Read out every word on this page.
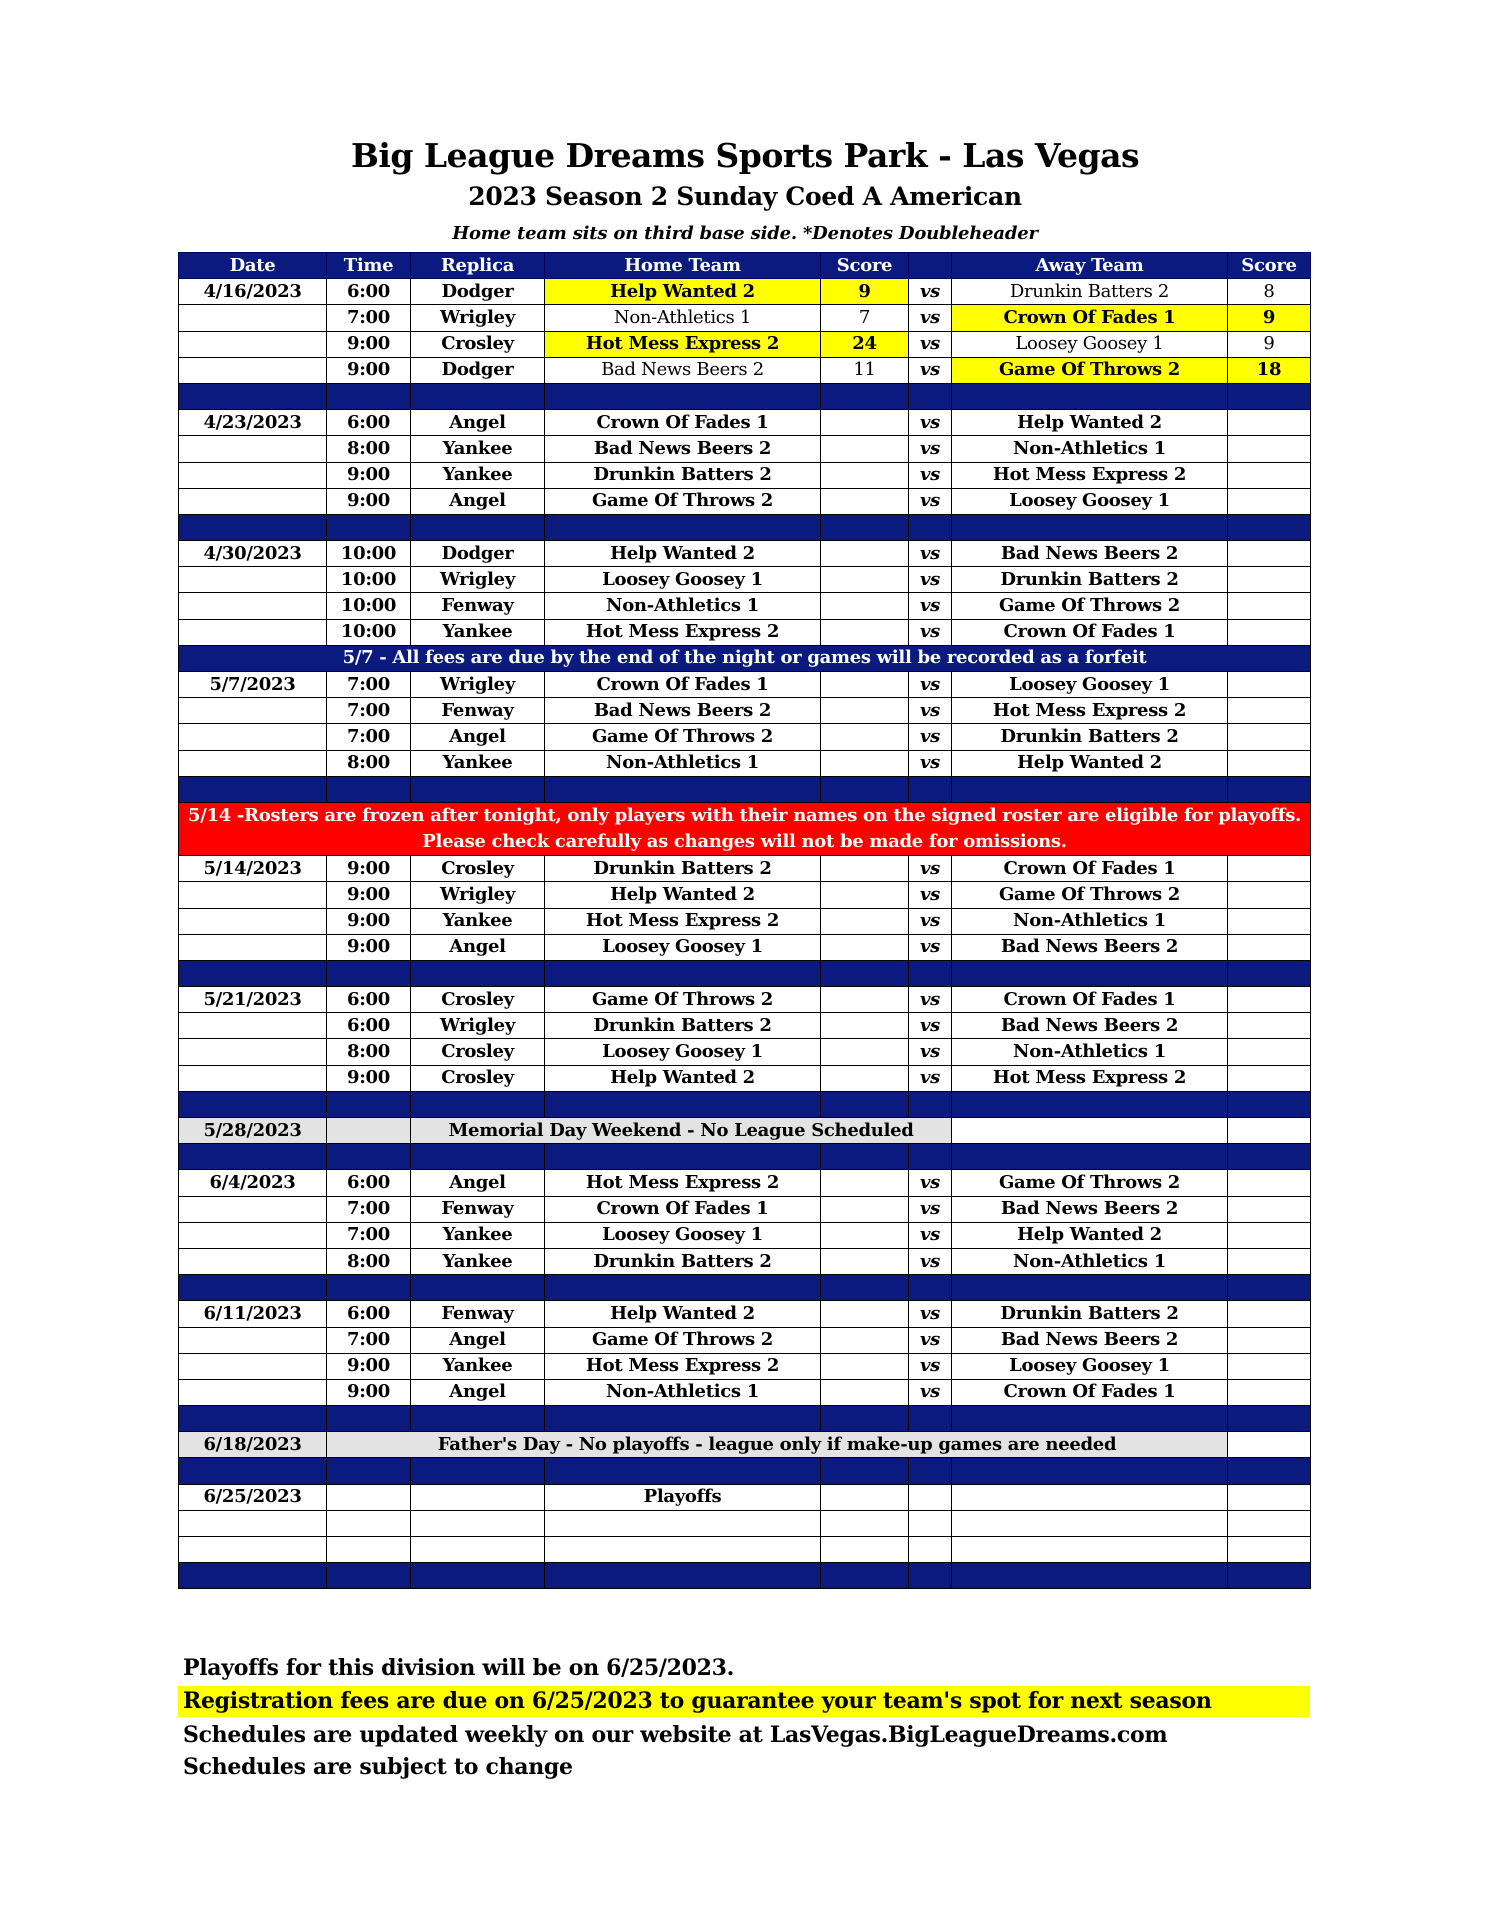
Big League Dreams Sports Park - Las Vegas
2023 Season 2 Sunday Coed A American
Home team sits on third base side. *Denotes Doubleheader
Date	Time	Replica	Home Team	Score		Away Team	Score
4/16/2023	6:00	Dodger	Help Wanted 2	9	vs	Drunkin Batters 2	8
	7:00	Wrigley	Non-Athletics 1	7	vs	Crown Of Fades 1	9
	9:00	Crosley	Hot Mess Express 2	24	vs	Loosey Goosey 1	9
	9:00	Dodger	Bad News Beers 2	11	vs	Game Of Throws 2	18

4/23/2023	6:00	Angel	Crown Of Fades 1		vs	Help Wanted 2	
	8:00	Yankee	Bad News Beers 2		vs	Non-Athletics 1	
	9:00	Yankee	Drunkin Batters 2		vs	Hot Mess Express 2	
	9:00	Angel	Game Of Throws 2		vs	Loosey Goosey 1	

4/30/2023	10:00	Dodger	Help Wanted 2		vs	Bad News Beers 2	
	10:00	Wrigley	Loosey Goosey 1		vs	Drunkin Batters 2	
	10:00	Fenway	Non-Athletics 1		vs	Game Of Throws 2	
	10:00	Yankee	Hot Mess Express 2		vs	Crown Of Fades 1	
5/7 - All fees are due by the end of the night or games will be recorded as a forfeit							
5/7/2023	7:00	Wrigley	Crown Of Fades 1		vs	Loosey Goosey 1	
	7:00	Fenway	Bad News Beers 2		vs	Hot Mess Express 2	
	7:00	Angel	Game Of Throws 2		vs	Drunkin Batters 2	
	8:00	Yankee	Non-Athletics 1		vs	Help Wanted 2	

5/14 -Rosters are frozen after tonight, only players with their names on the signed roster are eligible for playoffs.
Please check carefully as changes will not be made for omissions.							

5/14/2023	9:00	Crosley	Drunkin Batters 2		vs	Crown Of Fades 1	
	9:00	Wrigley	Help Wanted 2		vs	Game Of Throws 2	
	9:00	Yankee	Hot Mess Express 2		vs	Non-Athletics 1	
	9:00	Angel	Loosey Goosey 1		vs	Bad News Beers 2	

5/21/2023	6:00	Crosley	Game Of Throws 2		vs	Crown Of Fades 1	
	6:00	Wrigley	Drunkin Batters 2		vs	Bad News Beers 2	
	8:00	Crosley	Loosey Goosey 1		vs	Non-Athletics 1	
	9:00	Crosley	Help Wanted 2		vs	Hot Mess Express 2	

5/28/2023		Memorial Day Weekend - No League Scheduled					

6/4/2023	6:00	Angel	Hot Mess Express 2		vs	Game Of Throws 2	
	7:00	Fenway	Crown Of Fades 1		vs	Bad News Beers 2	
	7:00	Yankee	Loosey Goosey 1		vs	Help Wanted 2	
	8:00	Yankee	Drunkin Batters 2		vs	Non-Athletics 1	

6/11/2023	6:00	Fenway	Help Wanted 2		vs	Drunkin Batters 2	
	7:00	Angel	Game Of Throws 2		vs	Bad News Beers 2	
	9:00	Yankee	Hot Mess Express 2		vs	Loosey Goosey 1	
	9:00	Angel	Non-Athletics 1		vs	Crown Of Fades 1	

6/18/2023	Father's Day - No playoffs - league only if make-up games are needed						

6/25/2023			Playoffs				

Playoffs for this division will be on 6/25/2023.
Registration fees are due on 6/25/2023 to guarantee your team's spot for next season
Schedules are updated weekly on our website at LasVegas.BigLeagueDreams.com
Schedules are subject to change
